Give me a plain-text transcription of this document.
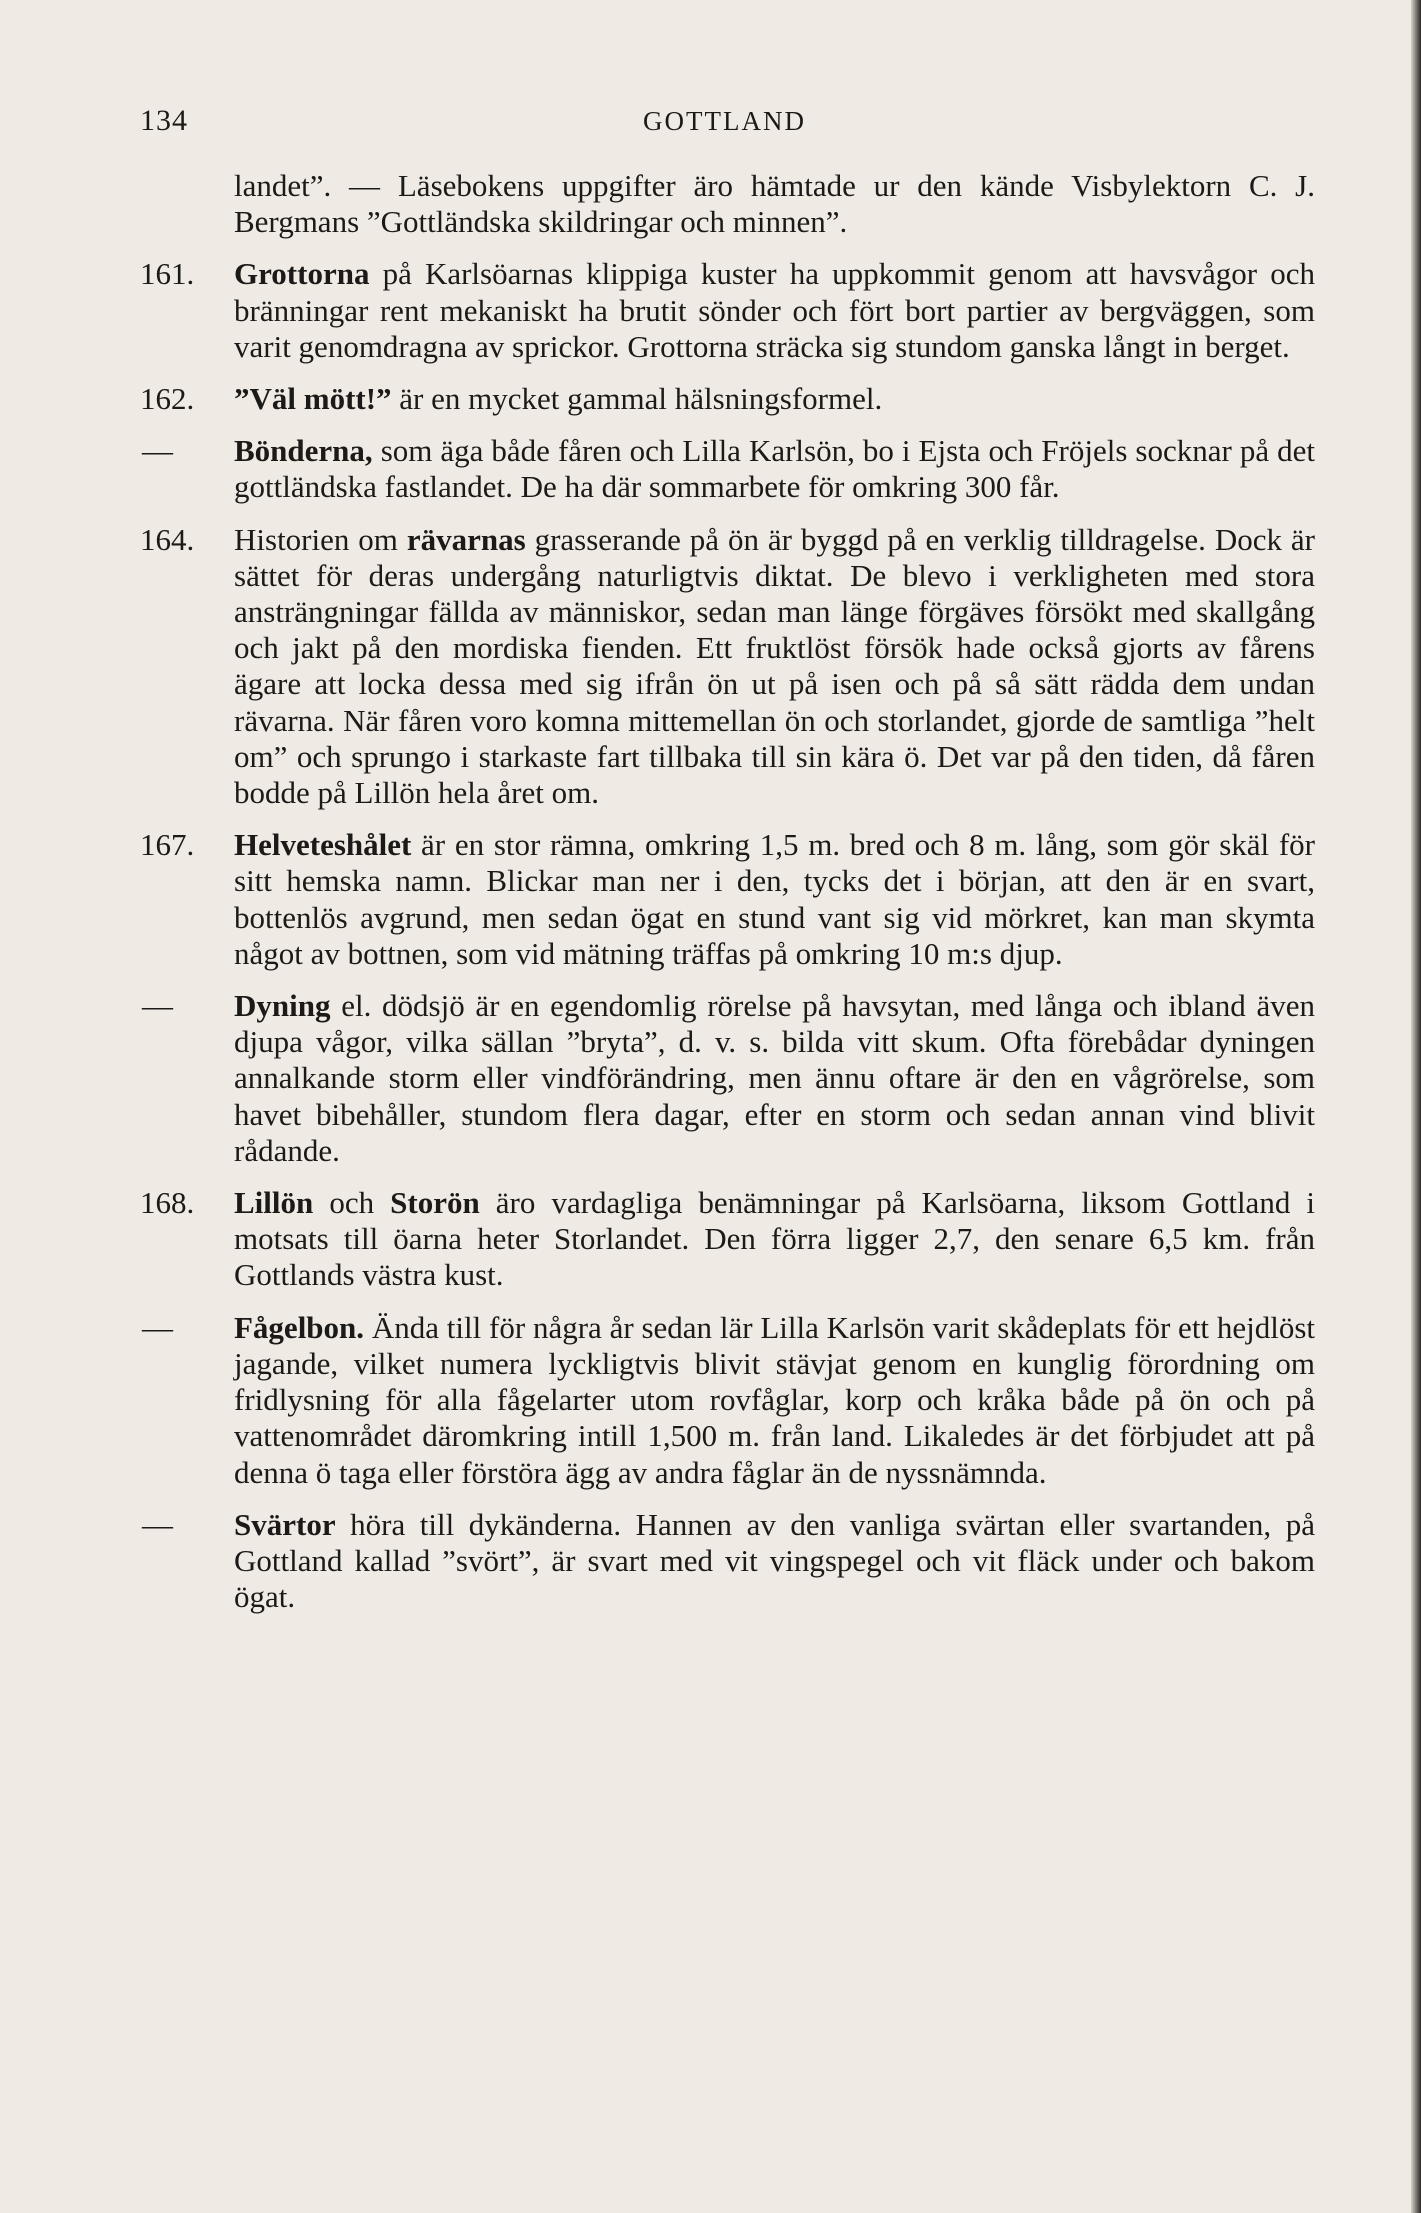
134	GOTTLAND

landet”. — Läsebokens uppgifter äro hämtade ur den kände Visbylektorn C. J. Bergmans ”Gottländska skildringar och minnen”.

161.	Grottorna på Karlsöarnas klippiga kuster ha uppkommit genom att havsvågor och bränningar rent mekaniskt ha brutit sönder och fört bort partier av bergväggen, som varit genomdragna av sprickor. Grottorna sträcka sig stundom ganska långt in berget.

162.	”Väl mött!” är en mycket gammal hälsningsformel.

—	Bönderna, som äga både fåren och Lilla Karlsön, bo i Ejsta och Fröjels socknar på det gottländska fastlandet. De ha där sommarbete för omkring 300 får.

164.	Historien om rävarnas grasserande på ön är byggd på en verklig tilldragelse. Dock är sättet för deras undergång naturligtvis diktat. De blevo i verkligheten med stora ansträngningar fällda av människor, sedan man länge förgäves försökt med skallgång och jakt på den mordiska fienden. Ett fruktlöst försök hade också gjorts av fårens ägare att locka dessa med sig ifrån ön ut på isen och på så sätt rädda dem undan rävarna. När fåren voro komna mittemellan ön och storlandet, gjorde de samtliga ”helt om” och sprungo i starkaste fart tillbaka till sin kära ö. Det var på den tiden, då fåren bodde på Lillön hela året om.

167.	Helveteshålet är en stor rämna, omkring 1,5 m. bred och 8 m. lång, som gör skäl för sitt hemska namn. Blickar man ner i den, tycks det i början, att den är en svart, bottenlös avgrund, men sedan ögat en stund vant sig vid mörkret, kan man skymta något av bottnen, som vid mätning träffas på omkring 10 m:s djup.

—	Dyning el. dödsjö är en egendomlig rörelse på havsytan, med långa och ibland även djupa vågor, vilka sällan ”bryta”, d. v. s. bilda vitt skum. Ofta förebådar dyningen annalkande storm eller vindförändring, men ännu oftare är den en vågrörelse, som havet bibehåller, stundom flera dagar, efter en storm och sedan annan vind blivit rådande.

168.	Lillön och Storön äro vardagliga benämningar på Karlsöarna, liksom Gottland i motsats till öarna heter Storlandet. Den förra ligger 2,7, den senare 6,5 km. från Gottlands västra kust.

—	Fågelbon. Ända till för några år sedan lär Lilla Karlsön varit skådeplats för ett hejdlöst jagande, vilket numera lyckligtvis blivit stävjat genom en kunglig förordning om fridlysning för alla fågelarter utom rovfåglar, korp och kråka både på ön och på vattenområdet däromkring intill 1,500 m. från land. Likaledes är det förbjudet att på denna ö taga eller förstöra ägg av andra fåglar än de nyssnämnda.

—	Svärtor höra till dykänderna. Hannen av den vanliga svärtan eller svartanden, på Gottland kallad ”svört”, är svart med vit vingspegel och vit fläck under och bakom ögat.
